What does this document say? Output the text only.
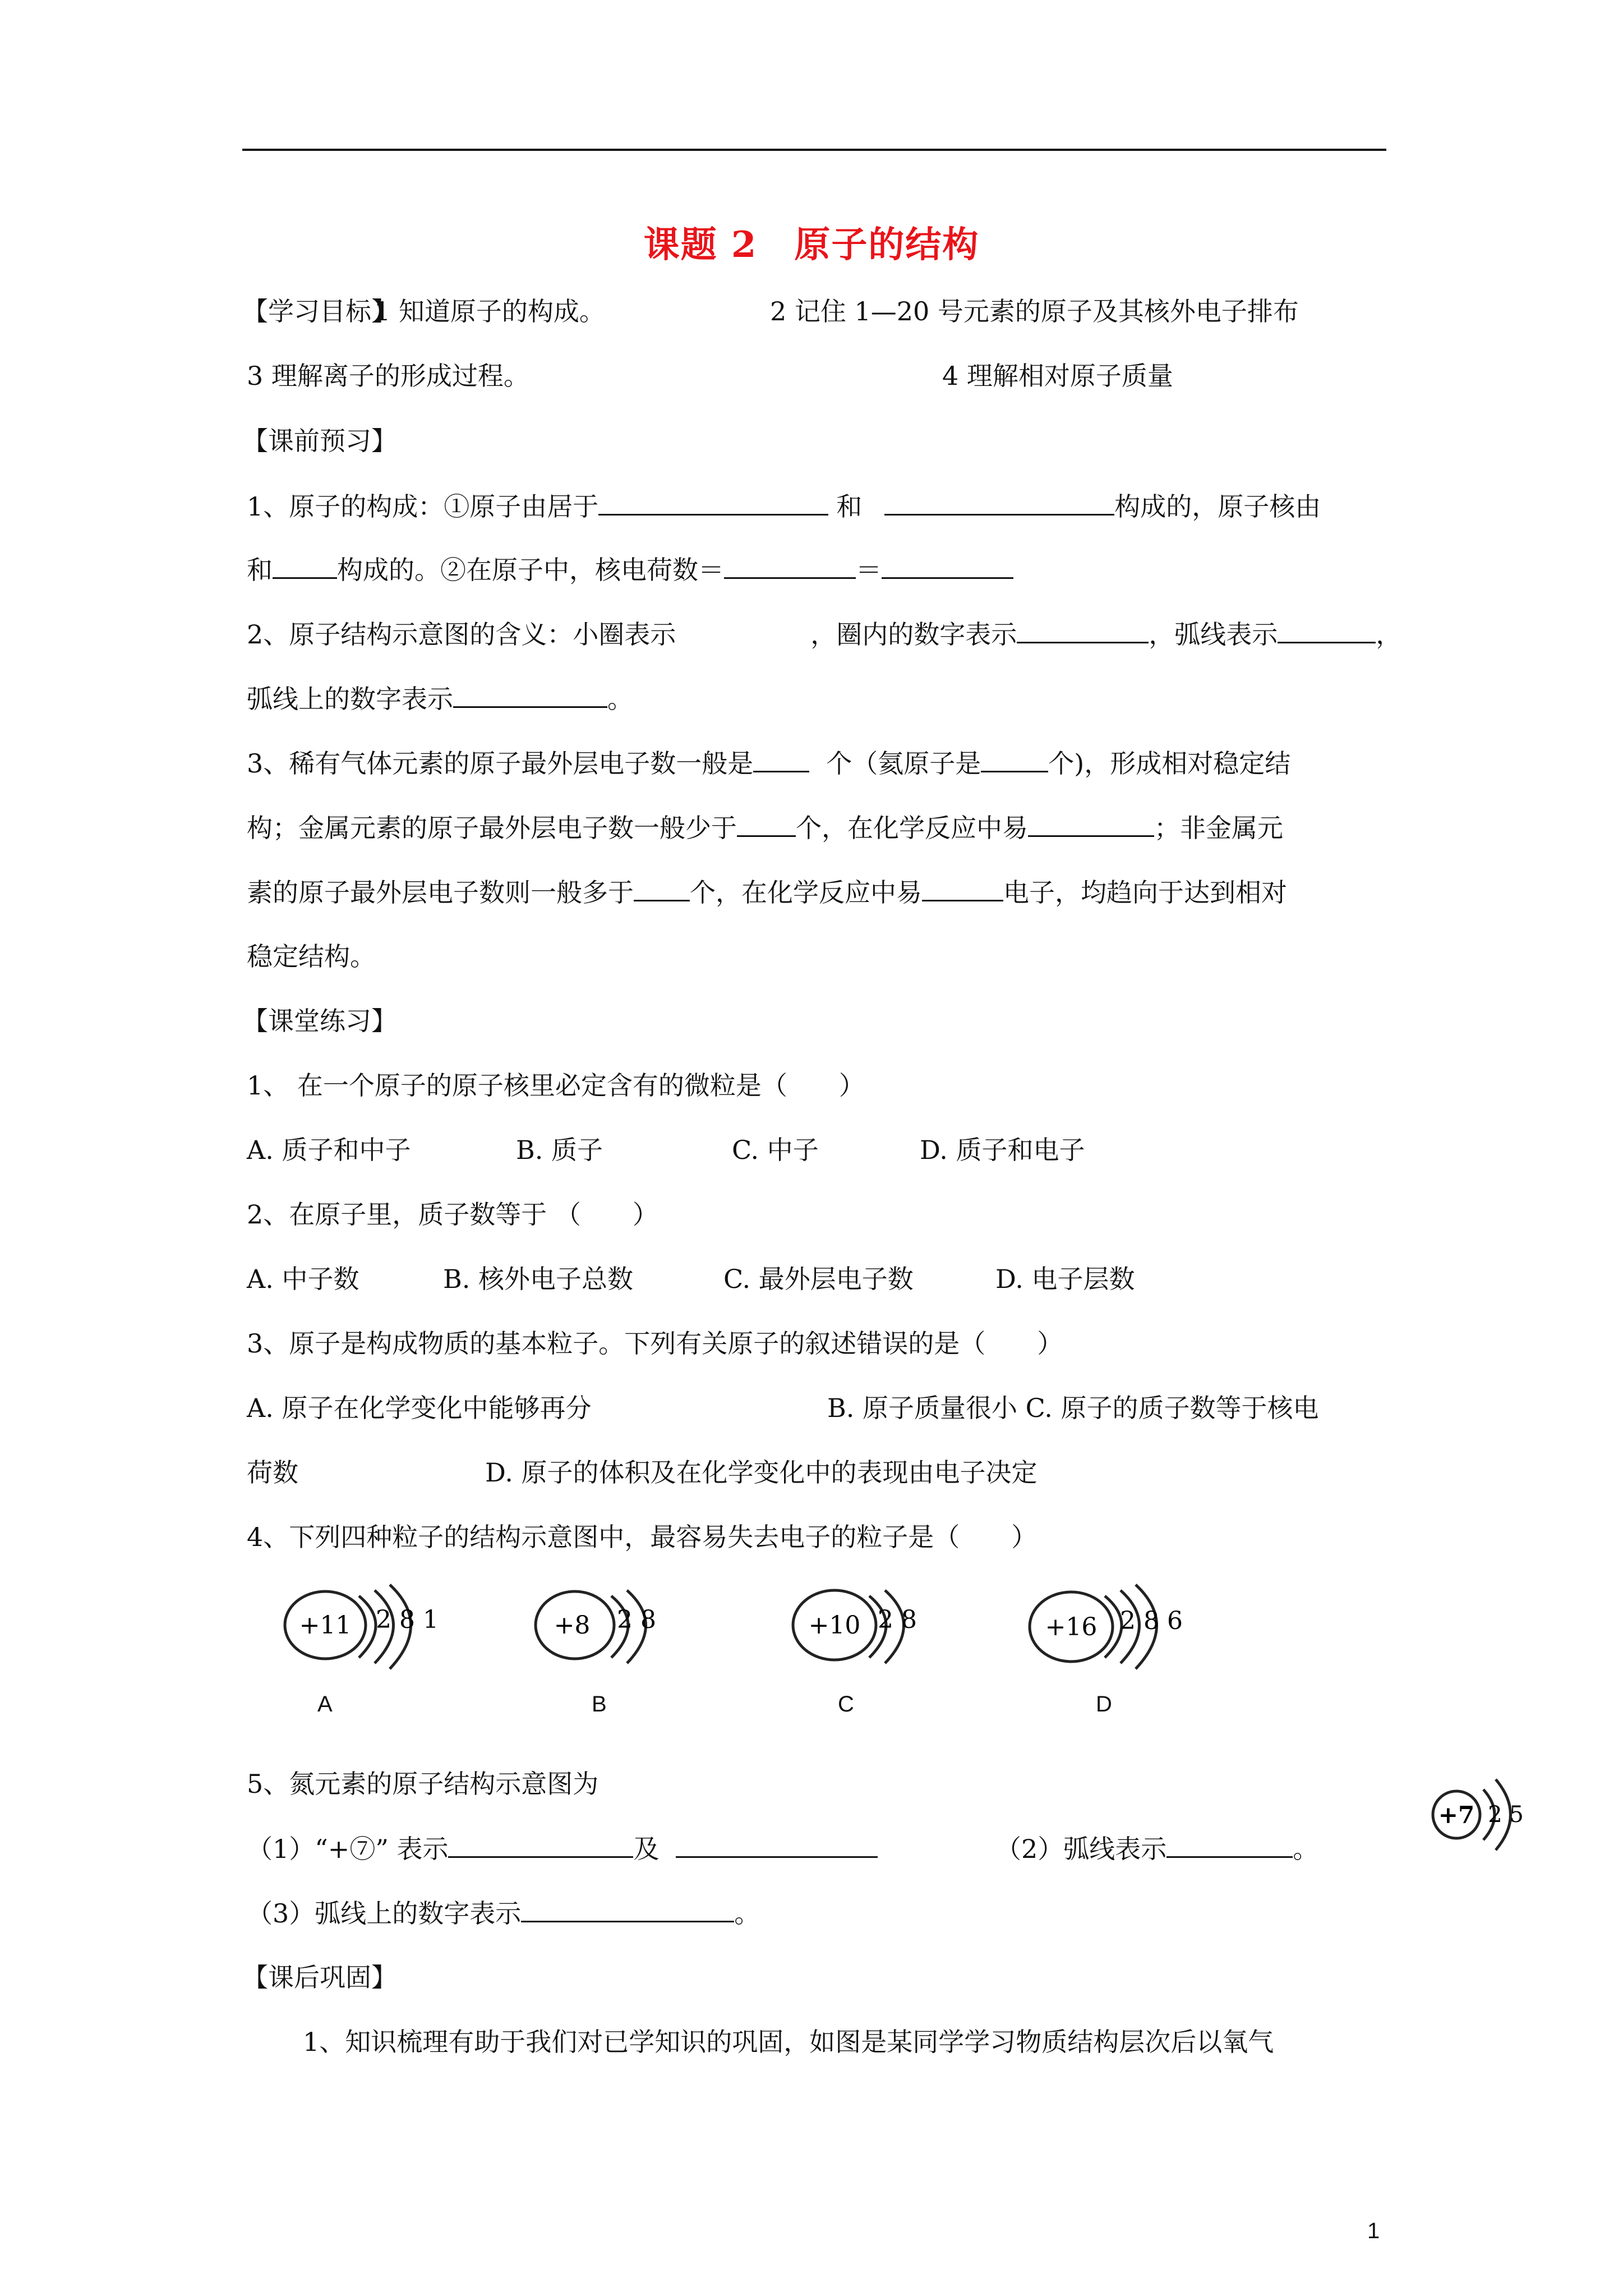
课题 2　原子的结构
【学习目标】
1 知道原子的构成。	2 记住 1—20 号元素的原子及其核外电子排布
3 理解离子的形成过程。	4 理解相对原子质量
【课前预习】
1、原子的构成：①原子由居于	和	构成的，原子核由
和	构成的。②在原子中，核电荷数＝	＝
2、原子结构示意图的含义：小圈表示	，圈内的数字表示	，弧线表示	，
弧线上的数字表示	。
3、稀有气体元素的原子最外层电子数一般是	个（氦原子是	个)，形成相对稳定结
构；金属元素的原子最外层电子数一般少于 个，在化学反应中易	；非金属元
素的原子最外层电子数则一般多于 个，在化学反应中易	电子，均趋向于达到相对
稳定结构。
【课堂练习】
1、 在一个原子的原子核里必定含有的微粒是（　　）
A. 质子和中子	B. 质子	C. 中子	D. 质子和电子
2、在原子里，质子数等于 （　　）
A. 中子数	B. 核外电子总数	C. 最外层电子数	D. 电子层数
3、原子是构成物质的基本粒子。下列有关原子的叙述错误的是（　　）
A. 原子在化学变化中能够再分	B. 原子质量很小 C. 原子的质子数等于核电
荷数	D. 原子的体积及在化学变化中的表现由电子决定
4、下列四种粒子的结构示意图中，最容易失去电子的粒子是（　　）
+11 2 8 1
A
+8 2 8
B
+10 2 8
C
+16 2 8 6
D
5、氮元素的原子结构示意图为
+7 2 5
（1）“+⑦” 表示	及	（2）弧线表示	。
（3）弧线上的数字表示	。
【课后巩固】
1、知识梳理有助于我们对已学知识的巩固，如图是某同学学习物质结构层次后以氧气
1
